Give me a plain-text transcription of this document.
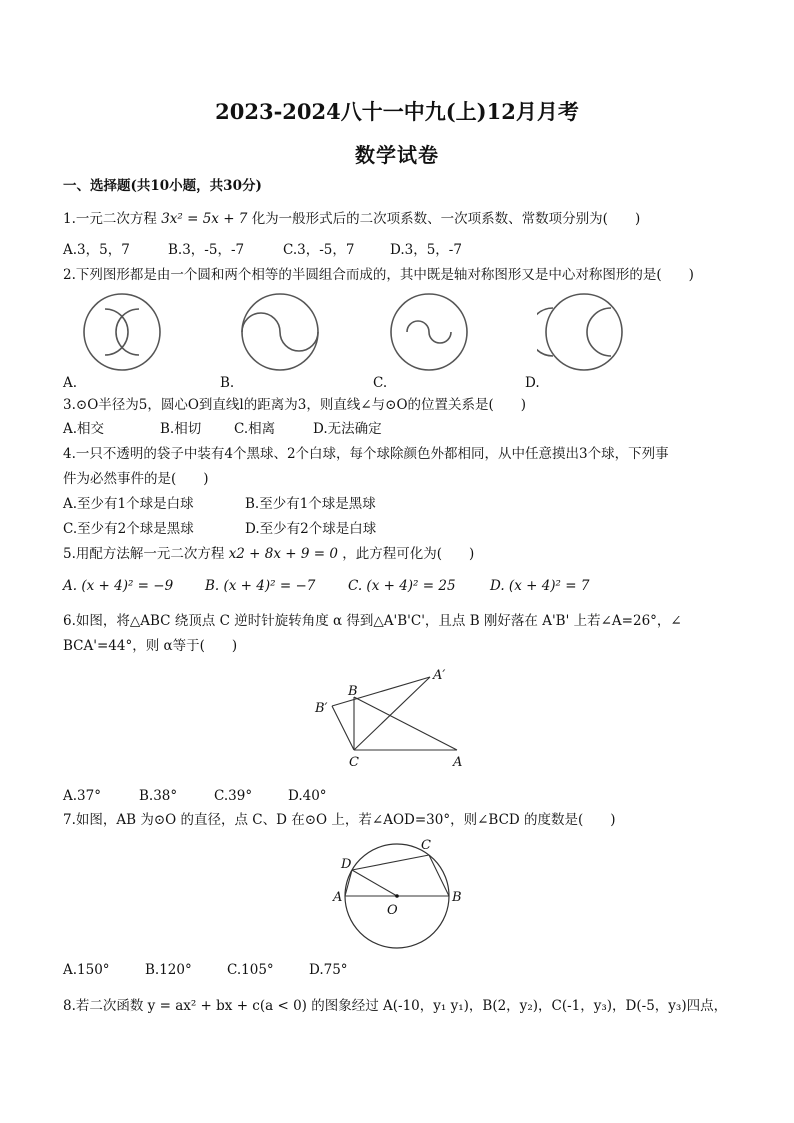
2023-2024八十一中九(上)12月月考
数学试卷
一、选择题(共10小题，共30分)
1.一元二次方程 3x² = 5x + 7 化为一般形式后的二次项系数、一次项系数、常数项分别为(　　)
A.3，5，7	B.3，-5，-7	C.3，-5，7	D.3，5，-7
2.下列图形都是由一个圆和两个相等的半圆组合而成的，其中既是轴对称图形又是中心对称图形的是(　　)
A.	B.	C.	D.
3.⊙O半径为5，圆心O到直线l的距离为3，则直线∠与⊙O的位置关系是(　　)
A.相交	B.相切 C.相离	D.无法确定
4.一只不透明的袋子中装有4个黑球、2个白球，每个球除颜色外都相同，从中任意摸出3个球，下列事
件为必然事件的是(　　)
A.至少有1个球是白球	B.至少有1个球是黑球
C.至少有2个球是黑球	D.至少有2个球是白球
5.用配方法解一元二次方程 x2 + 8x + 9 = 0 ，此方程可化为(　　)
A. (x + 4)² = −9 B. (x + 4)² = −7 C. (x + 4)² = 25	D. (x + 4)² = 7
6.如图，将△ABC 绕顶点 C 逆时针旋转角度 α 得到△A'B'C'，且点 B 刚好落在 A'B' 上若∠A=26°，∠
BCA'=44°，则 α等于(　　)
B
A′
B′
C	A
A.37°	B.38°	C.39°	D.40°
7.如图，AB 为⊙O 的直径，点 C、D 在⊙O 上，若∠AOD=30°，则∠BCD 的度数是(　　)
D
C
A
O
B
A.150°	B.120°	C.105°	D.75°
8.若二次函数 y = ax² + bx + c(a < 0) 的图象经过 A(-10，y₁ y₁)，B(2，y₂)，C(-1，y₃)，D(-5，y₃)四点，
